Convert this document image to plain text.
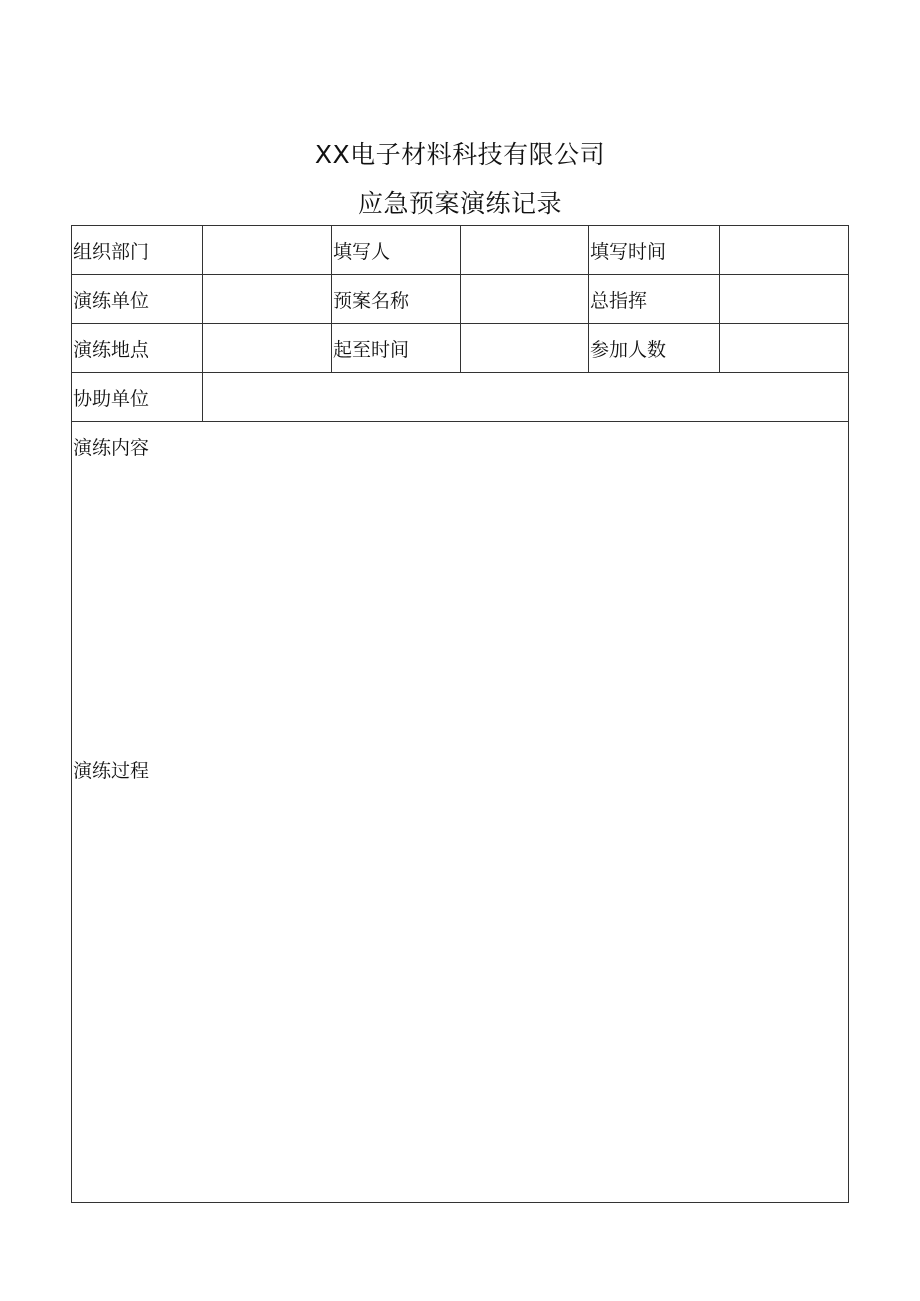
XX电子材料科技有限公司
应急预案演练记录
组织部门		填写人		填写时间	
演练单位		预案名称		总指挥	
演练地点		起至时间		参加人数	
协助单位					

演练内容
演练过程					
